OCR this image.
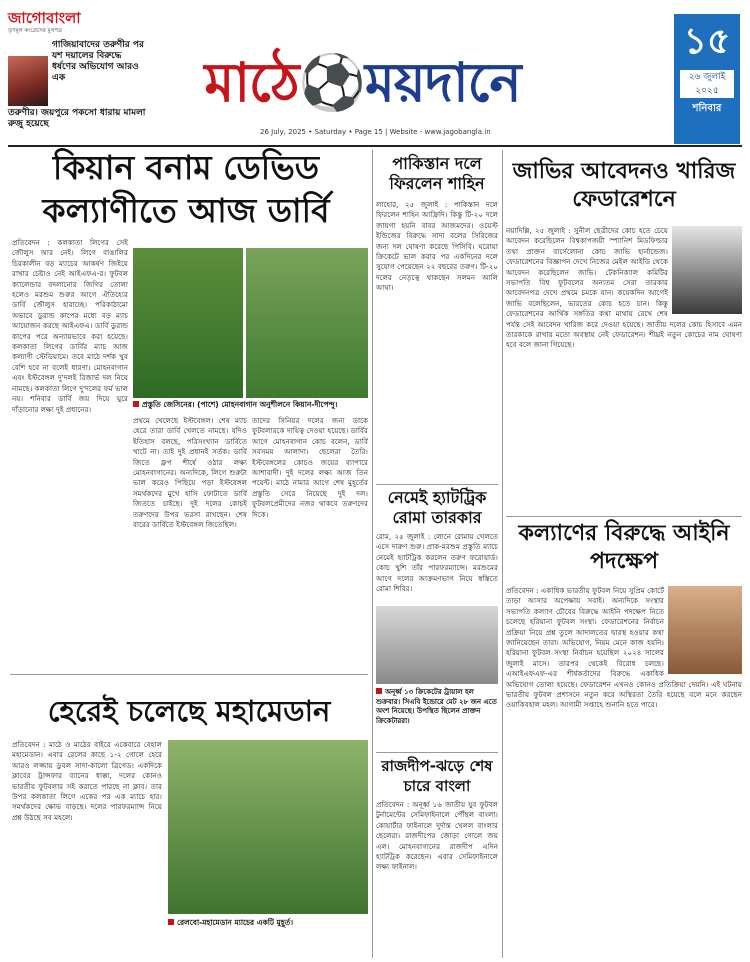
জাগোবাংলা
তৃণমূল কংগ্রেসের মুখপত্র
গাজিয়াবাদের তরুণীর পর যশ দয়ালের বিরুদ্ধে ধর্ষণের অভিযোগ আরও এক
তরুণীর। জয়পুরে পকসো ধারায় মামলা রুজু হয়েছে
মাঠে⚽ময়দানে
26 July, 2025 • Saturday • Page 15 | Website - www.jagobangla.in
১৫
২৬ জুলাই ২০২৫
শনিবার
কিয়ান বনাম ডেভিড
কল্যাণীতে আজ ডার্বি
প্রতিবেদন : কলকাতা লিগের সেই জৌলুস আর নেই। লিগে বাঙালির চিরকালীন বড় ম্যাচের আকর্ষণ জিইয়ে রাখার চেষ্টাও নেই আইএফএ-র। ফুটবল ক্যালেন্ডার বদলানোর জিগির তোলা হলেও মরশুম শুরুর আগে ঐতিহ্যের ডার্বি জৌলুস হারাচ্ছে। পরিকাঠামো অভাবে ডুরান্ড কাপের মধ্যে বড় ম্যাচ আয়োজন করছে আইএফএ। ডার্বি ডুরান্ড কাপের পরে অন্যায়ভাবে করা হয়েছে। কলকাতা লিগের ডার্বির ম্যাচ আজ কল্যাণী স্টেডিয়ামে। তবে মাঠে দর্শক খুব বেশি হবে না বলেই ধারণা। মোহনবাগান এবং ইস্টবেঙ্গল দু'দলই রিজার্ভ দল নিয়ে নামছে। কলকাতা লিগে দু'দলের ফর্ম ভাল নয়। শনিবার ডার্বি জয় দিয়ে ঘুরে দাঁড়ানোর লক্ষ্য দুই প্রধানের।	প্রস্তুতি জেসিনের। (পাশে) মোহনবাগান অনুশীলনে কিয়ান-দীপেন্দু।
প্রথমে খেলেছে ইস্টবেঙ্গল। শেষ ম্যাচ হেরে তারা ডার্বি খেলতে নামছে। যদিও ইতিহাস বলছে, পরিসংখ্যান ডার্বিতে খাটে না। তাই দুই প্রধানই সর্তক। ডার্বি জিতে ফ্লপ শীর্ষে ওঠার লক্ষ্য মোহনবাগানের। অন্যদিকে, লিগে শুরুটা ভাল করেও পিছিয়ে পড়া ইস্টবেঙ্গল সমর্থকদের মুখে হাসি ফোটাতে ডার্বি জিততে চাইছে। দুই দলের কোচই তরুণদের উপর ভরসা রাখছেন। শেষ বারের ডার্বিতে ইস্টবেঙ্গল জিতেছিল।
তাদের সিনিয়র দলের জন্য ডাকে ফুটবলারকে দায়িত্ব দেওয়া হয়েছে। ডার্বির আগে মোহনবাগান কোচ বলেন, ডার্বি সবসময় আলাদা। ছেলেরা তৈরি। ইস্টবেঙ্গলের কোচও জয়ের ব্যাপারে আশাবাদী। দুই দলের লক্ষ্য আজ তিন পয়েন্ট। মাঠে নামার আগে শেষ মুহূর্তের প্রস্তুতি সেরে নিয়েছে দুই দল। ফুটবলপ্রেমীদের নজর থাকবে তরুণদের দিকে।
হেরেই চলেছে মহামেডান
প্রতিবেদন : মাঠে ও মাঠের বাইরে একেবারে বেহাল মহামেডান। এবার রেলের কাছে ১-২ গোলে হেরে আরও লজ্জায় ডুবল সাদা-কালো ব্রিগেড। একদিকে ক্লাবের ট্রান্সফার ব্যানের ধাক্কা, দলের কোনও ভারতীয় ফুটবলার সই করাতে পারছে না ক্লাব। তার উপর কলকাতা লিগে একের পর এক ম্যাচে হার। সমর্থকদের ক্ষোভ বাড়ছে। দলের পারফরম্যান্স নিয়ে প্রশ্ন উঠছে সব মহলে।
রেলবো-মহামেডান ম্যাচের একটি মুহূর্ত।
পাকিস্তান দলে ফিরলেন শাহিন
লাহোর, ২৫ জুলাই : পাকিস্তান দলে ফিরলেন শাহিন আফ্রিদি। কিন্তু টি-২০ দলে জায়গা হয়নি বাবর আজমদের। ওয়েস্ট ইন্ডিজের বিরুদ্ধে সাদা বলের সিরিজের জন্য দল ঘোষণা করেছে পিসিবি। ঘরোয়া ক্রিকেটে ভাল করার পর একদিনের দলে সুযোগ পেয়েছেন ২২ বছরের তরুণ। টি-২০ দলের নেতৃত্বে থাকছেন সলমন আলি আঘা।
নেমেই হ্যাটট্রিক রোমা তারকার
রোম, ২৫ জুলাই : লোনে রোমায় খেলতে এসে দারুণ শুরু। প্রাক-মরশুম প্রস্তুতি ম্যাচে নেমেই হ্যাটট্রিক করলেন তরুণ ফরোয়ার্ড। কোচ খুশি তাঁর পারফরম্যান্সে। মরশুমের আগে দলের আক্রমণভাগ নিয়ে স্বস্তিতে রোমা শিবির।
অনূর্ধ্ব ১৩ ক্রিকেটের ট্রায়াল হল শুক্রবার। সিএবি ইন্ডোরে মেট ২৮ জন এতে অংশ নিয়েছে। উপস্থিত ছিলেন প্রাক্তন ক্রিকেটাররা।
রাজদীপ-ঝড়ে শেষ চারে বাংলা
প্রতিবেদন : অনূর্ধ্ব ১৬ জাতীয় যুব ফুটবল টুর্নামেন্টের সেমিফাইনালে পৌঁছল বাংলা। কোয়ার্টার ফাইনালে দুর্দান্ত খেলল বাংলার ছেলেরা। রাজদীপের জোড়া গোলে জয় এল। মোহনবাগানের রাজদীপ এদিন হ্যাটট্রিক করেছেন। এবার সেমিফাইনালে লক্ষ্য ফাইনাল।
জাভির আবেদনও খারিজ ফেডারেশনে
নয়াদিল্লি, ২৫ জুলাই : সুনীল ছেত্রীদের কোচ হতে চেয়ে আবেদন করেছিলেন বিশ্বকাপজয়ী স্প্যানিশ মিডফিল্ডার তথা প্রাক্তন বার্সেলোনা কোচ জাভি হার্নান্ডেজ। ফেডারেশনের বিজ্ঞাপন দেখে নিজের মেইল আইডি থেকে আবেদন করেছিলেন জাভি। টেকনিক্যাল কমিটির সভাপতি বিশ্ব ফুটবলের অন্যতম সেরা তারকার আবেদনপত্র দেখে প্রথমে চমকে যান। কয়েকদিন আগেই জাভি বলেছিলেন, ভারতের কোচ হতে চান। কিন্তু ফেডারেশনের আর্থিক সঙ্গতির কথা মাথায় রেখে শেষ পর্যন্ত সেই আবেদন খারিজ করে দেওয়া হয়েছে। জাতীয় দলের কোচ হিসাবে এমন তারকাকে রাখার মতো অবস্থায় নেই ফেডারেশন। শীঘ্রই নতুন কোচের নাম ঘোষণা হবে বলে জানা গিয়েছে।
কল্যাণের বিরুদ্ধে আইনি পদক্ষেপ
প্রতিবেদন : একাধিক ভারতীয় ফুটবল নিয়ে সুপ্রিম কোর্টে তাড়া আসার অপেক্ষায় সবাই। অন্যদিকে সংস্থার সভাপতি কল্যাণ চৌবের বিরুদ্ধে আইনি পদক্ষেপ নিতে চলেছে হরিয়ানা ফুটবল সংস্থা। ফেডারেশনের নির্বাচন প্রক্রিয়া নিয়ে প্রশ্ন তুলে আদালতের দ্বারস্থ হওয়ার কথা জানিয়েছেন তারা। অভিযোগ, নিয়ম মেনে কাজ হয়নি। হরিয়ানা ফুটবল সংস্থা নির্বাচন হয়েছিল ২০২৪ সালের জুলাই মাসে। তারপর থেকেই বিরোধ চলছে। এআইএফএফ-এর শীর্ষকর্তাদের বিরুদ্ধে একাধিক অভিযোগ তোলা হয়েছে। ফেডারেশন এখনও কোনও প্রতিক্রিয়া দেয়নি। এই ঘটনায় ভারতীয় ফুটবল প্রশাসনে নতুন করে অস্থিরতা তৈরি হয়েছে বলে মনে করছেন ওয়াকিবহাল মহল। আগামী সপ্তাহে শুনানি হতে পারে।
